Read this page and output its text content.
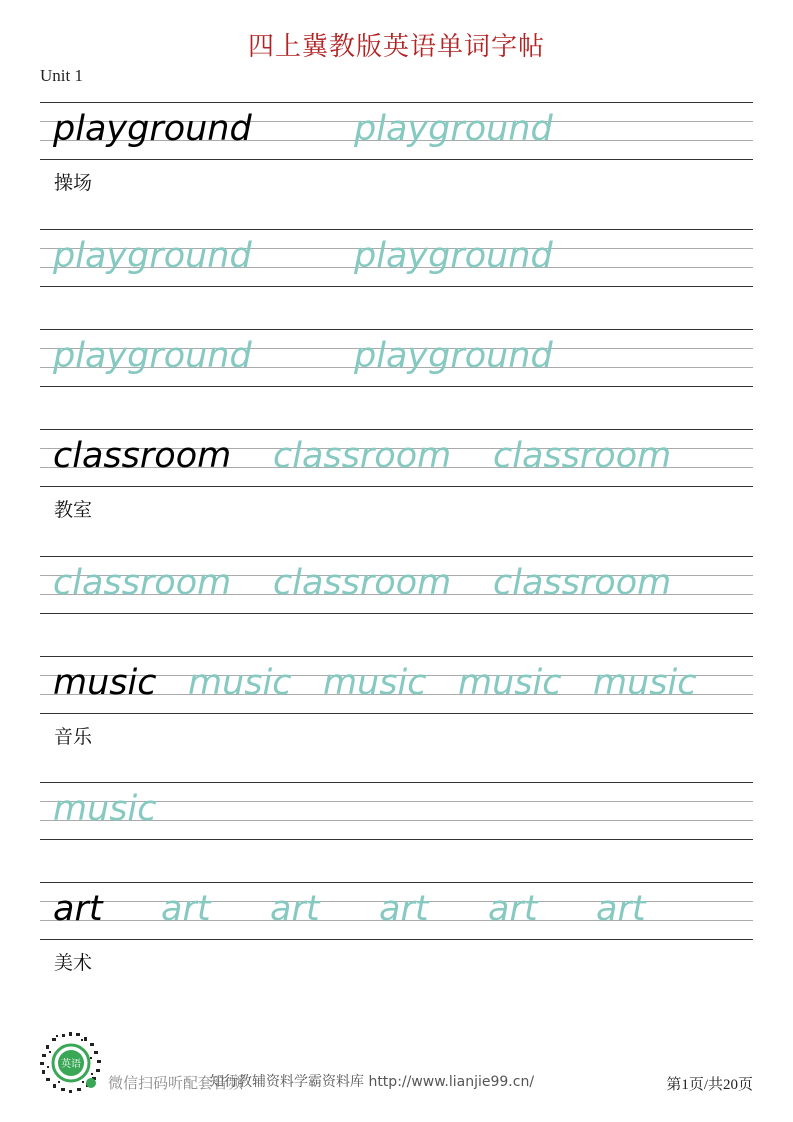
四上冀教版英语单词字帖
Unit 1
playground	playground
操场
playground	playground
playground	playground
classroom classroom classroom
教室
classroom classroom classroom
music music music music music
音乐
music
art art art art art art
美术
英语
微信扫码听配套音频
知行教辅资料学霸资料库 http://www.lianjie99.cn/	第1页/共20页
